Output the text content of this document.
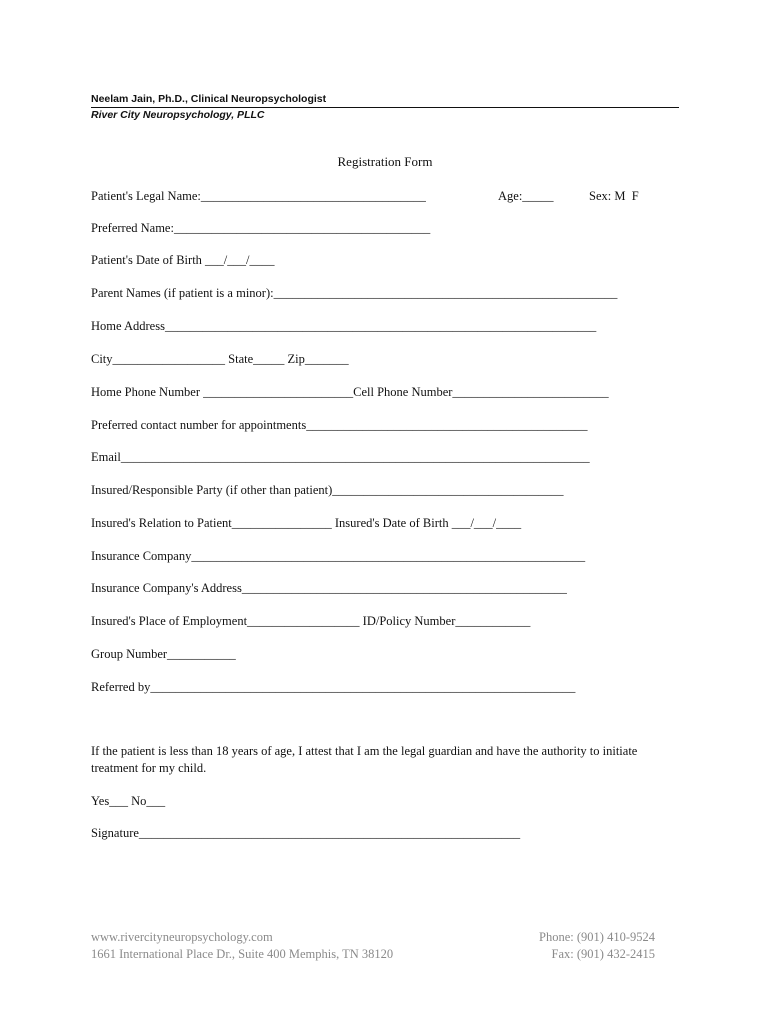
Neelam Jain, Ph.D., Clinical Neuropsychologist
River City Neuropsychology, PLLC
Registration Form
Patient's Legal Name:____________________________________	Age:_____	Sex: M  F
Preferred Name:_________________________________________
Patient's Date of Birth ___/___/____
Parent Names (if patient is a minor):_______________________________________________________
Home Address_____________________________________________________________________
City__________________ State_____ Zip_______
Home Phone Number ________________________Cell Phone Number_________________________
Preferred contact number for appointments_____________________________________________
Email___________________________________________________________________________
Insured/Responsible Party (if other than patient)_____________________________________
Insured's Relation to Patient________________ Insured's Date of Birth ___/___/____
Insurance Company_______________________________________________________________
Insurance Company's Address____________________________________________________
Insured's Place of Employment__________________ ID/Policy Number____________
Group Number___________
Referred by____________________________________________________________________
If the patient is less than 18 years of age, I attest that I am the legal guardian and have the authority to initiate treatment for my child.
Yes___ No___
Signature_____________________________________________________________
www.rivercityneuropsychology.com
1661 International Place Dr., Suite 400 Memphis, TN 38120
Phone: (901) 410-9524
Fax: (901) 432-2415
